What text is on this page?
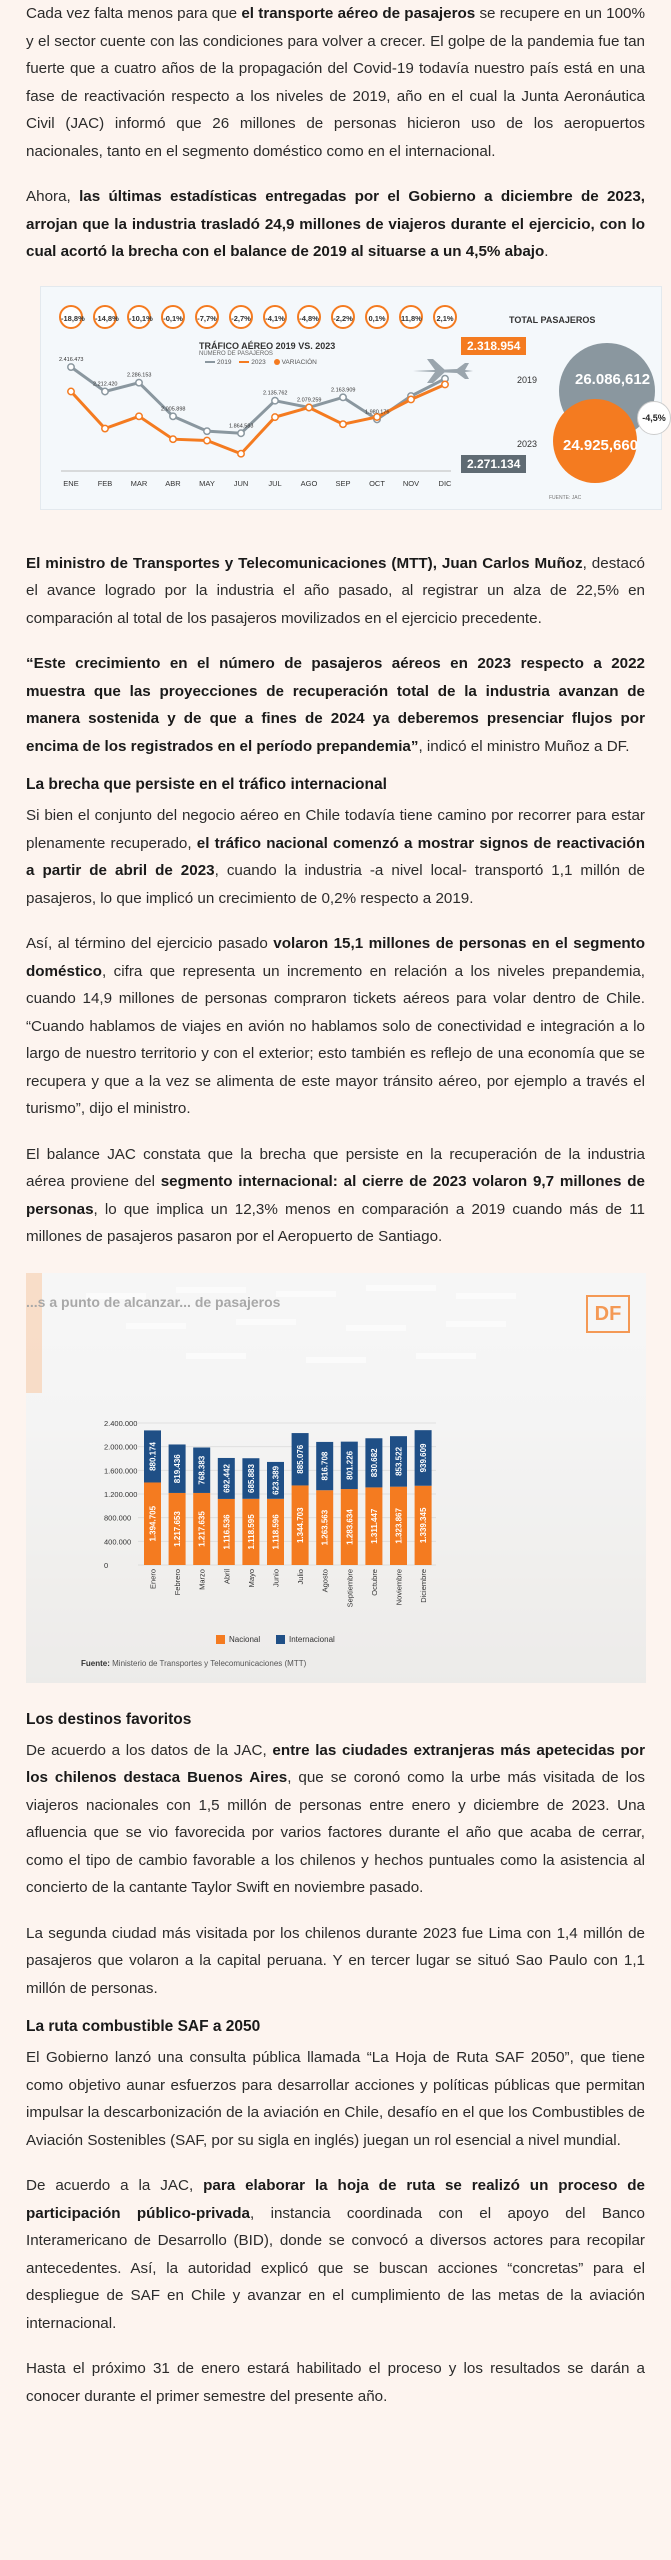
Cada vez falta menos para que el transporte aéreo de pasajeros se recupere en un 100% y el sector cuente con las condiciones para volver a crecer. El golpe de la pandemia fue tan fuerte que a cuatro años de la propagación del Covid-19 todavía nuestro país está en una fase de reactivación respecto a los niveles de 2019, año en el cual la Junta Aeronáutica Civil (JAC) informó que 26 millones de personas hicieron uso de los aeropuertos nacionales, tanto en el segmento doméstico como en el internacional.

Ahora, las últimas estadísticas entregadas por el Gobierno a diciembre de 2023, arrojan que la industria trasladó 24,9 millones de viajeros durante el ejercicio, con lo cual acortó la brecha con el balance de 2019 al situarse a un 4,5% abajo.

2.416.473
2.212.420
2.286.153
2.005.898
1.864.583
2.135.762
2.079.259
2.163.909
1.980.176
TRÁFICO AÉREO 2019 VS. 2023
NÚMERO DE PASAJEROS
2019	2023 VARIACIÓN
2.318.954
2.271.134
TOTAL PASAJEROS
26.086,612
24.925,660
2019
2023
-4,5%
FUENTE: JAC
-18,8%
ENE
-14,8%
FEB
-10,1%
MAR
-0,1%
ABR
-7,7%
MAY
-2,7%
JUN
-4,1%
JUL
-4,8%
AGO
-2,2%
SEP
0,1%
OCT
11,8%
NOV
2,1%
DIC

El ministro de Transportes y Telecomunicaciones (MTT), Juan Carlos Muñoz, destacó el avance logrado por la industria el año pasado, al registrar un alza de 22,5% en comparación al total de los pasajeros movilizados en el ejercicio precedente.

“Este crecimiento en el número de pasajeros aéreos en 2023 respecto a 2022 muestra que las proyecciones de recuperación total de la industria avanzan de manera sostenida y de que a fines de 2024 ya deberemos presenciar flujos por encima de los registrados en el período prepandemia”, indicó el ministro Muñoz a DF.

La brecha que persiste en el tráfico internacional

Si bien el conjunto del negocio aéreo en Chile todavía tiene camino por recorrer para estar plenamente recuperado, el tráfico nacional comenzó a mostrar signos de reactivación a partir de abril de 2023, cuando la industria -a nivel local- transportó 1,1 millón de pasajeros, lo que implicó un crecimiento de 0,2% respecto a 2019.

Así, al término del ejercicio pasado volaron 15,1 millones de personas en el segmento doméstico, cifra que representa un incremento en relación a los niveles prepandemia, cuando 14,9 millones de personas compraron tickets aéreos para volar dentro de Chile. “Cuando hablamos de viajes en avión no hablamos solo de conectividad e integración a lo largo de nuestro territorio y con el exterior; esto también es reflejo de una economía que se recupera y que a la vez se alimenta de este mayor tránsito aéreo, por ejemplo a través el turismo”, dijo el ministro.

El balance JAC constata que la brecha que persiste en la recuperación de la industria aérea proviene del segmento internacional: al cierre de 2023 volaron 9,7 millones de personas, lo que implica un 12,3% menos en comparación a 2019 cuando más de 11 millones de pasajeros pasaron por el Aeropuerto de Santiago.

...s a punto de alcanzar... de pasajeros
DF
2.400.000
2.000.000
1.600.000
1.200.000
800.000
400.000
0
1.394.705
880.174
Enero
1.217.653
819.436
Febrero
1.217.635
768.383
Marzo
1.116.536
692.442
Abril
1.118.595
685.883
Mayo
1.118.596
623.389
Junio
1.344.703
885.076
Julio
1.263.563
816.708
Agosto
1.283.634
801.226
Septiembre
1.311.447
830.682
Octubre
1.323.867
853.522
Noviembre
1.339.345
939.609
Diciembre
Nacional	Internacional
Fuente: Ministerio de Transportes y Telecomunicaciones (MTT)
Los destinos favoritos

De acuerdo a los datos de la JAC, entre las ciudades extranjeras más apetecidas por los chilenos destaca Buenos Aires, que se coronó como la urbe más visitada de los viajeros nacionales con 1,5 millón de personas entre enero y diciembre de 2023. Una afluencia que se vio favorecida por varios factores durante el año que acaba de cerrar, como el tipo de cambio favorable a los chilenos y hechos puntuales como la asistencia al concierto de la cantante Taylor Swift en noviembre pasado.

La segunda ciudad más visitada por los chilenos durante 2023 fue Lima con 1,4 millón de pasajeros que volaron a la capital peruana. Y en tercer lugar se situó Sao Paulo con 1,1 millón de personas.

La ruta combustible SAF a 2050

El Gobierno lanzó una consulta pública llamada “La Hoja de Ruta SAF 2050”, que tiene como objetivo aunar esfuerzos para desarrollar acciones y políticas públicas que permitan impulsar la descarbonización de la aviación en Chile, desafío en el que los Combustibles de Aviación Sostenibles (SAF, por su sigla en inglés) juegan un rol esencial a nivel mundial.

De acuerdo a la JAC, para elaborar la hoja de ruta se realizó un proceso de participación público-privada, instancia coordinada con el apoyo del Banco Interamericano de Desarrollo (BID), donde se convocó a diversos actores para recopilar antecedentes. Así, la autoridad explicó que se buscan acciones “concretas” para el despliegue de SAF en Chile y avanzar en el cumplimiento de las metas de la aviación internacional.

Hasta el próximo 31 de enero estará habilitado el proceso y los resultados se darán a conocer durante el primer semestre del presente año.
